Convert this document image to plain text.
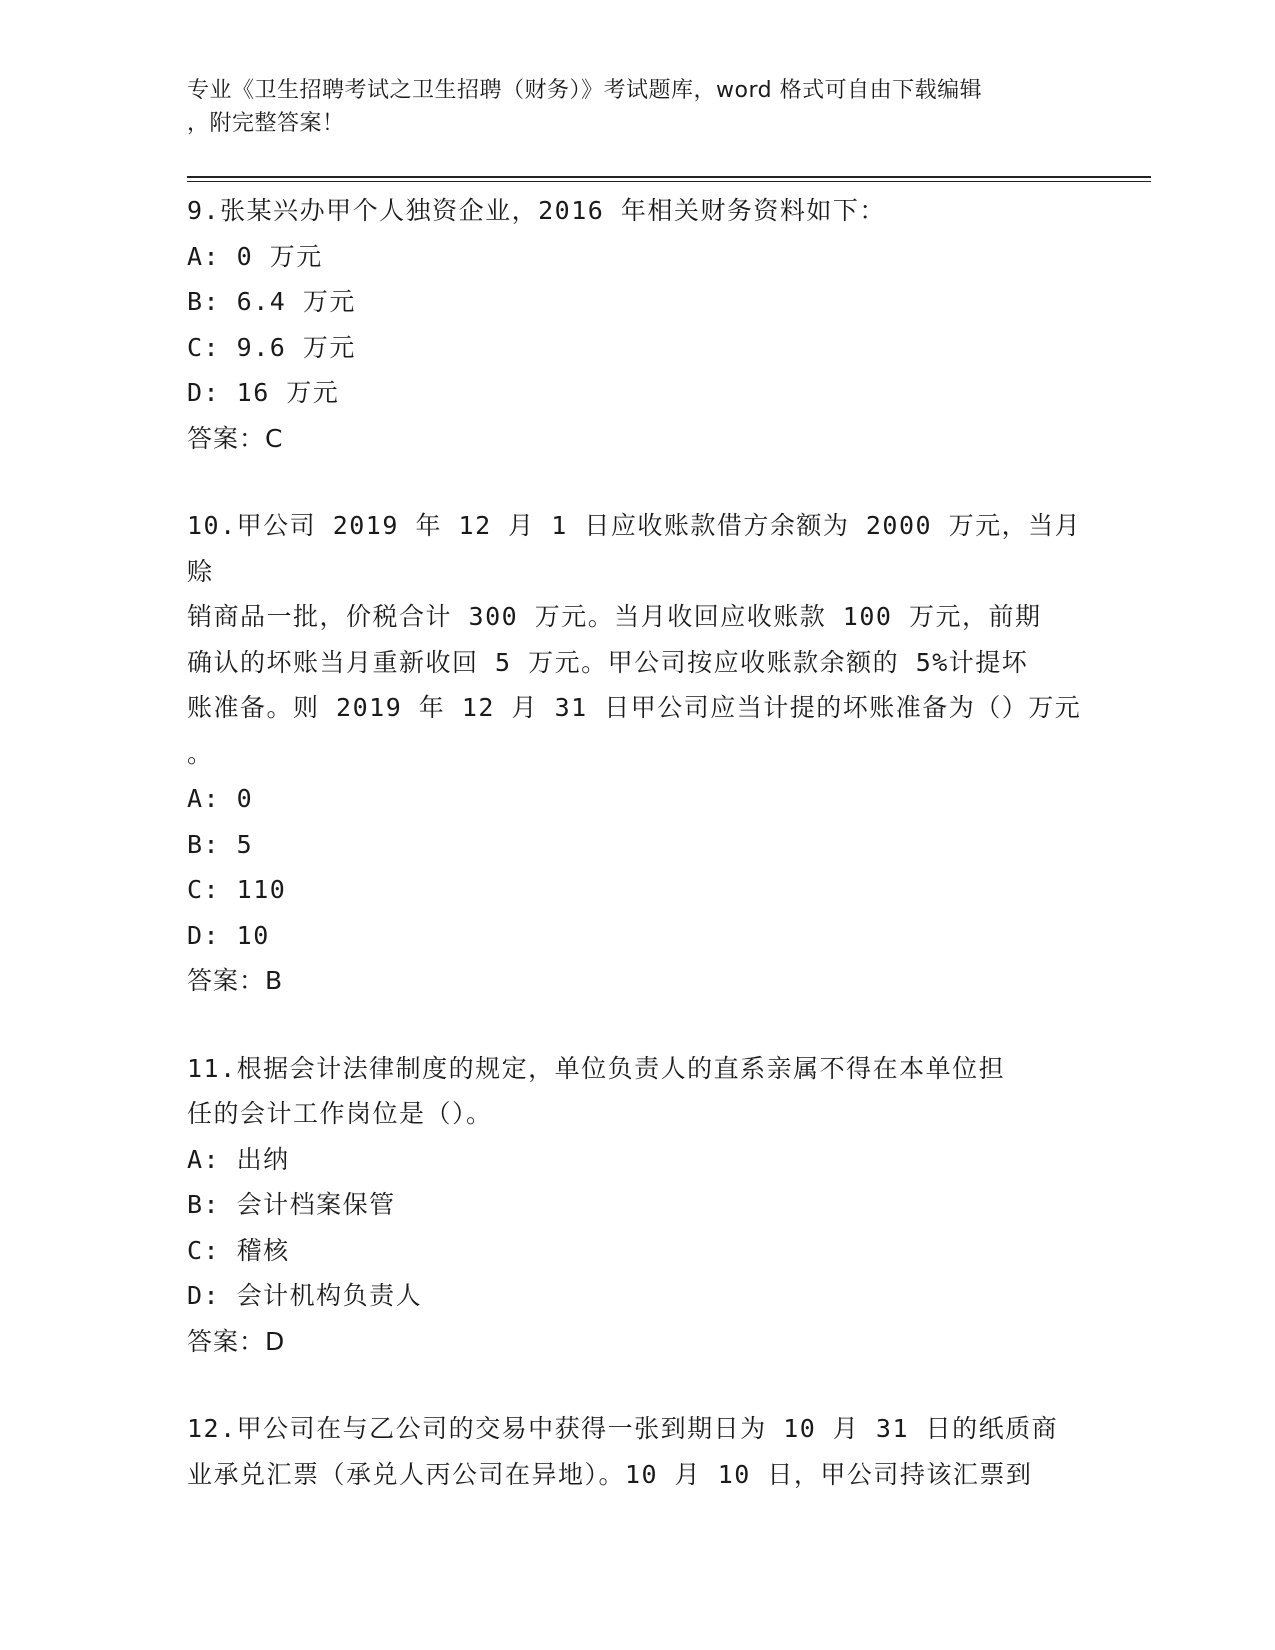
专业《卫生招聘考试之卫生招聘（财务）》考试题库，word 格式可自由下载编辑
，附完整答案！

9.张某兴办甲个人独资企业，2016 年相关财务资料如下：

A: 0 万元

B: 6.4 万元

C: 9.6 万元

D: 16 万元

答案：C

10.甲公司 2019 年 12 月 1 日应收账款借方余额为 2000 万元，当月赊

销商品一批，价税合计 300 万元。当月收回应收账款 100 万元，前期

确认的坏账当月重新收回 5 万元。甲公司按应收账款余额的 5%计提坏

账准备。则 2019 年 12 月 31 日甲公司应当计提的坏账准备为（）万元

。

A: 0

B: 5

C: 110

D: 10

答案：B

11.根据会计法律制度的规定，单位负责人的直系亲属不得在本单位担

任的会计工作岗位是（）。

A: 出纳

B: 会计档案保管

C: 稽核

D: 会计机构负责人

答案：D

12.甲公司在与乙公司的交易中获得一张到期日为 10 月 31 日的纸质商

业承兑汇票（承兑人丙公司在异地）。10 月 10 日，甲公司持该汇票到
